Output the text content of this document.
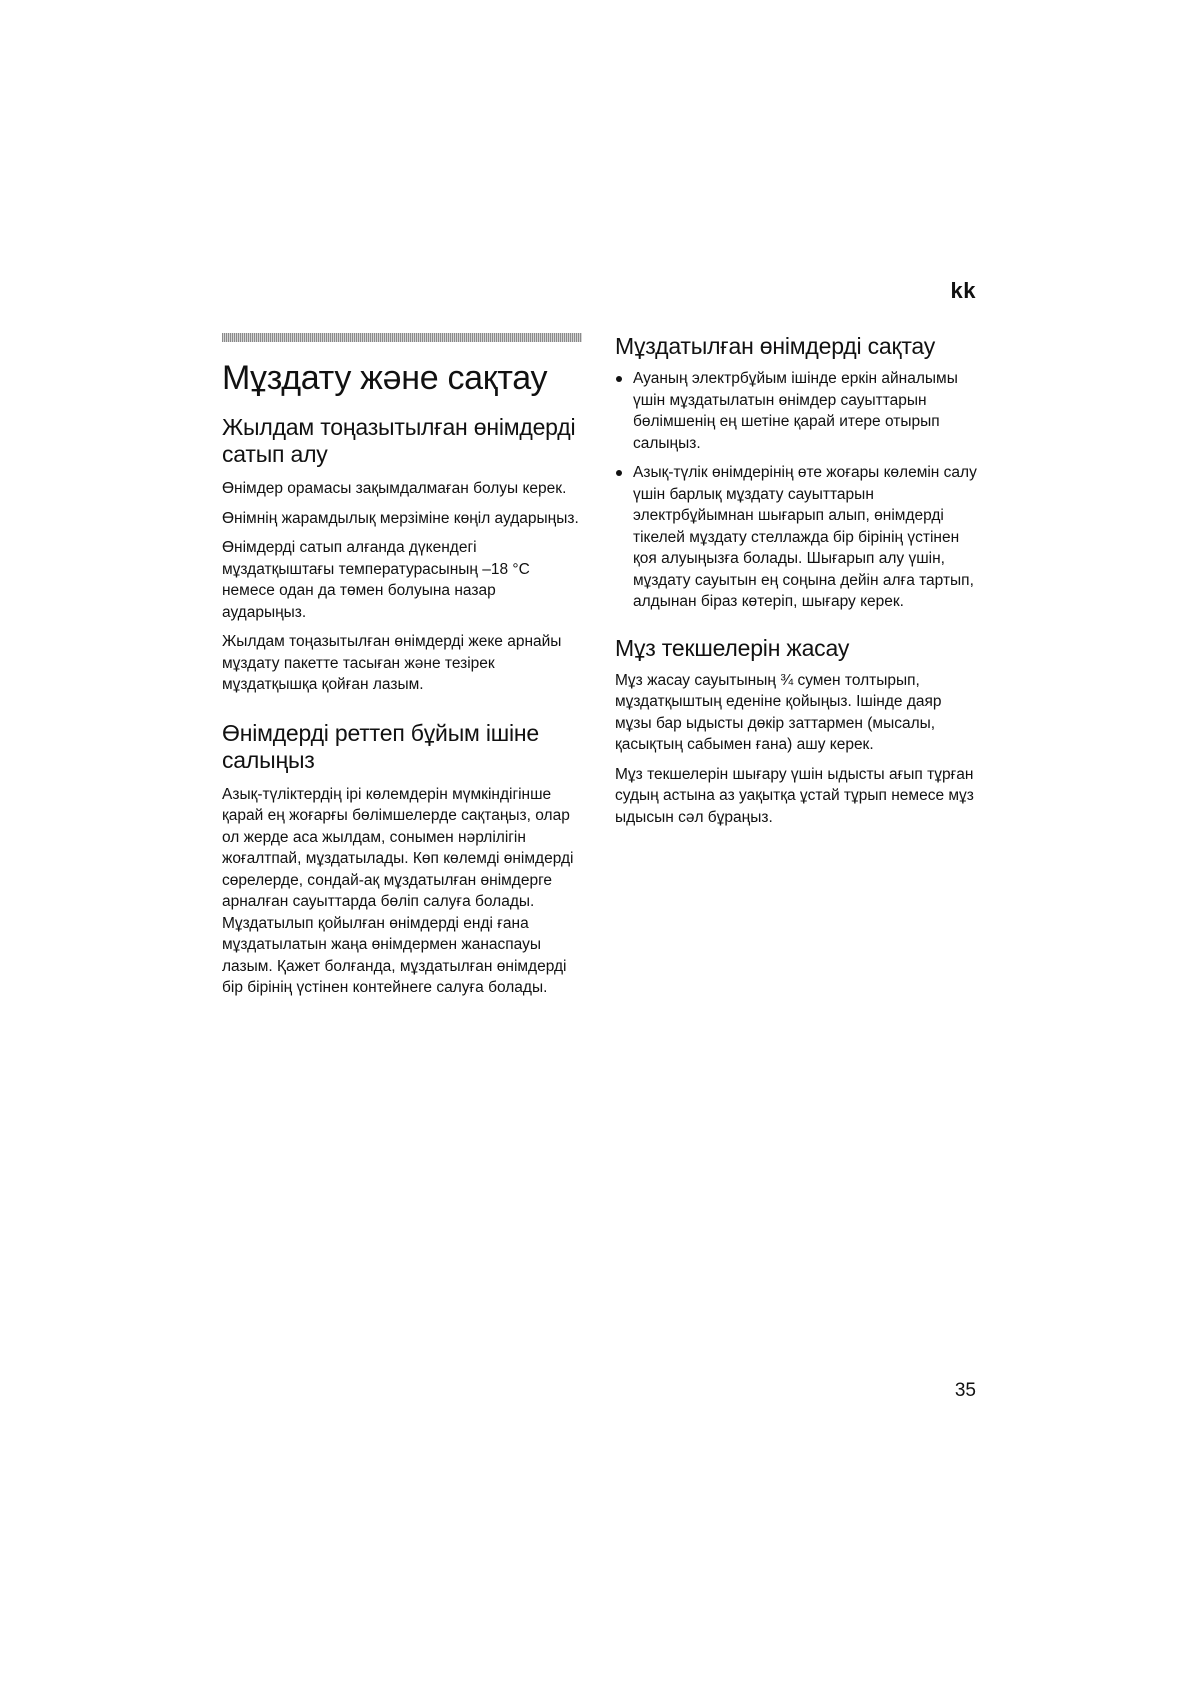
kk
Мұздату және сақтау
Жылдам тоңазытылған өнімдерді сатып алу

Өнімдер орамасы зақымдалмаған болуы керек.

Өнімнің жарамдылық мерзіміне көңіл аударыңыз.

Өнімдерді сатып алғанда дүкендегі мұздатқыштағы температурасының –18 °C немесе одан да төмен болуына назар аударыңыз.

Жылдам тоңазытылған өнімдерді жеке арнайы мұздату пакетте тасыған және тезірек мұздатқышқа қойған лазым.

Өнімдерді реттеп бұйым ішіне салыңыз

Азық-түліктердің ірі көлемдерін мүмкіндігінше қарай ең жоғарғы бөлімшелерде сақтаңыз, олар ол жерде аса жылдам, сонымен нәрлілігін жоғалтпай, мұздатылады. Көп көлемді өнімдерді сөрелерде, сондай-ақ мұздатылған өнімдерге арналған сауыттарда бөліп салуға болады. Мұздатылып қойылған өнімдерді енді ғана мұздатылатын жаңа өнімдермен жанаспауы лазым. Қажет болғанда, мұздатылған өнімдерді бір бірінің үстінен контейнеге салуға болады.

Мұздатылған өнімдерді сақтау
Ауаның электрбұйым ішінде еркін айналымы үшін мұздатылатын өнімдер сауыттарын бөлімшенің ең шетіне қарай итере отырып салыңыз.
Азық-түлік өнімдерінің өте жоғары көлемін салу үшін барлық мұздату сауыттарын электрбұйымнан шығарып алып, өнімдерді тікелей мұздату стеллажда бір бірінің үстінен қоя алуыңызға болады. Шығарып алу үшін, мұздату сауытын ең соңына дейін алға тартып, алдынан біраз көтеріп, шығару керек.
Мұз текшелерін жасау

Мұз жасау сауытының ¾ сумен толтырып, мұздатқыштың еденіне қойыңыз. Ішінде даяр мұзы бар ыдысты дөкір заттармен (мысалы, қасықтың сабымен ғана) ашу керек.

Мұз текшелерін шығару үшін ыдысты ағып тұрған судың астына аз уақытқа ұстай тұрып немесе мұз ыдысын сәл бұраңыз.

35
